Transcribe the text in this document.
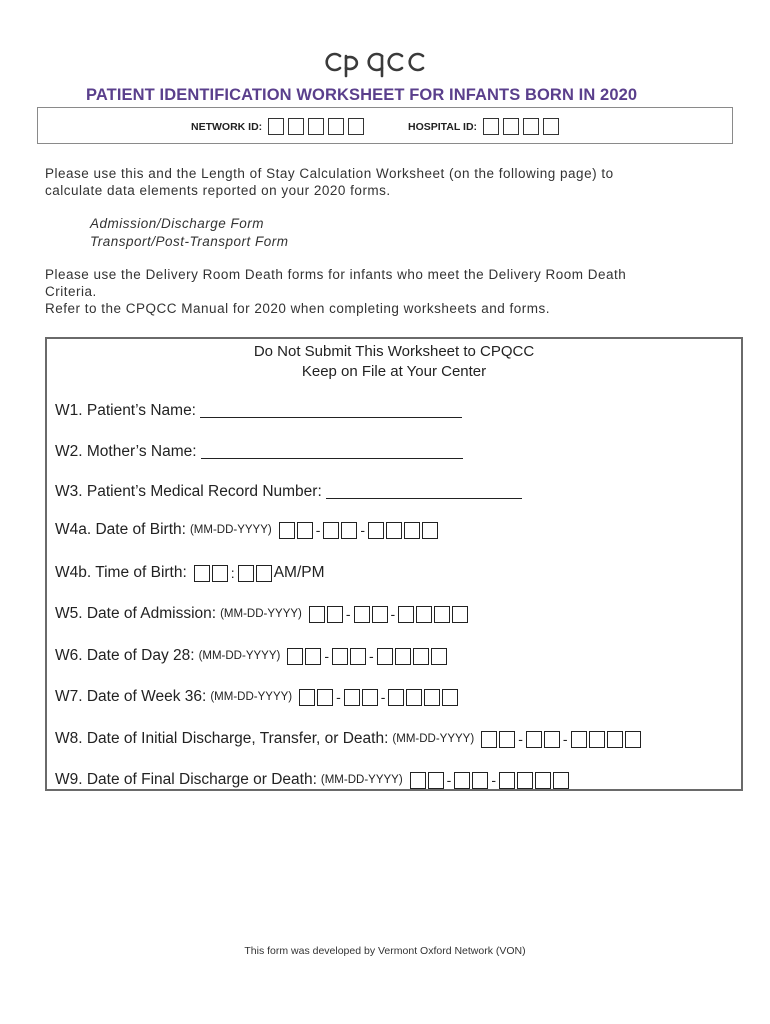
PATIENT IDENTIFICATION WORKSHEET FOR INFANTS BORN IN 2020
NETWORK ID:	HOSPITAL ID:
Please use this and the Length of Stay Calculation Worksheet (on the following page) to
calculate data elements reported on your 2020 forms.
Admission/Discharge Form
Transport/Post-Transport Form
Please use the Delivery Room Death forms for infants who meet the Delivery Room Death
Criteria.
Refer to the CPQCC Manual for 2020 when completing worksheets and forms.
Do Not Submit This Worksheet to CPQCC
Keep on File at Your Center
W1. Patient’s Name:
W2. Mother’s Name:
W3. Patient’s Medical Record Number:
W4a. Date of Birth: (MM-DD-YYYY)	-	-
W4b. Time of Birth:	:	AM/PM
W5. Date of Admission: (MM-DD-YYYY)	-	-
W6. Date of Day 28: (MM-DD-YYYY)	-	-
W7. Date of Week 36: (MM-DD-YYYY)	-	-
W8. Date of Initial Discharge, Transfer, or Death: (MM-DD-YYYY)	-	-
W9. Date of Final Discharge or Death: (MM-DD-YYYY)	-	-
This form was developed by Vermont Oxford Network (VON)
